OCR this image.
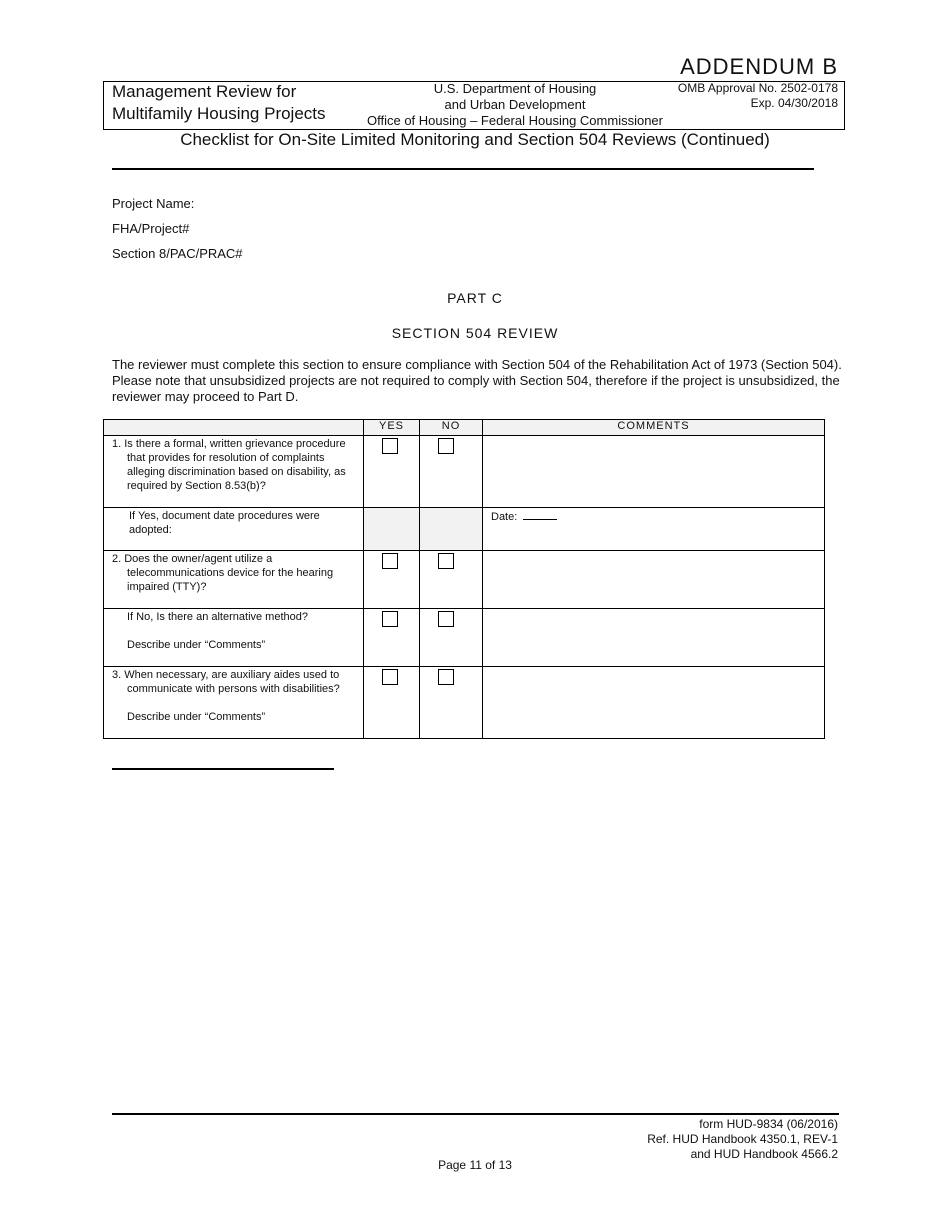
ADDENDUM B
Management Review for
Multifamily Housing Projects
U.S. Department of Housing
and Urban Development
Office of Housing – Federal Housing Commissioner
OMB Approval No. 2502-0178
Exp. 04/30/2018
Checklist for On-Site Limited Monitoring and Section 504 Reviews (Continued)
Project Name:
FHA/Project#
Section 8/PAC/PRAC#
PART C
SECTION 504 REVIEW
The reviewer must complete this section to ensure compliance with Section 504 of the Rehabilitation Act of 1973 (Section 504). Please note that unsubsidized projects are not required to comply with Section 504, therefore if the project is unsubsidized, the reviewer may proceed to Part D.
	YES	NO	COMMENTS

1. Is there a formal, written grievance procedure
that provides for resolution of complaints alleging discrimination based on disability, as required by Section 8.53(b)?			

If Yes, document date procedures were adopted:			Date:

2. Does the owner/agent utilize a
telecommunications device for the hearing impaired (TTY)?			

If No, Is there an alternative method?
Describe under “Comments”			

3. When necessary, are auxiliary aides used to
communicate with persons with disabilities?
Describe under “Comments”			

form HUD-9834 (06/2016)
Ref. HUD Handbook 4350.1, REV-1
and HUD Handbook 4566.2
Page 11 of 13
